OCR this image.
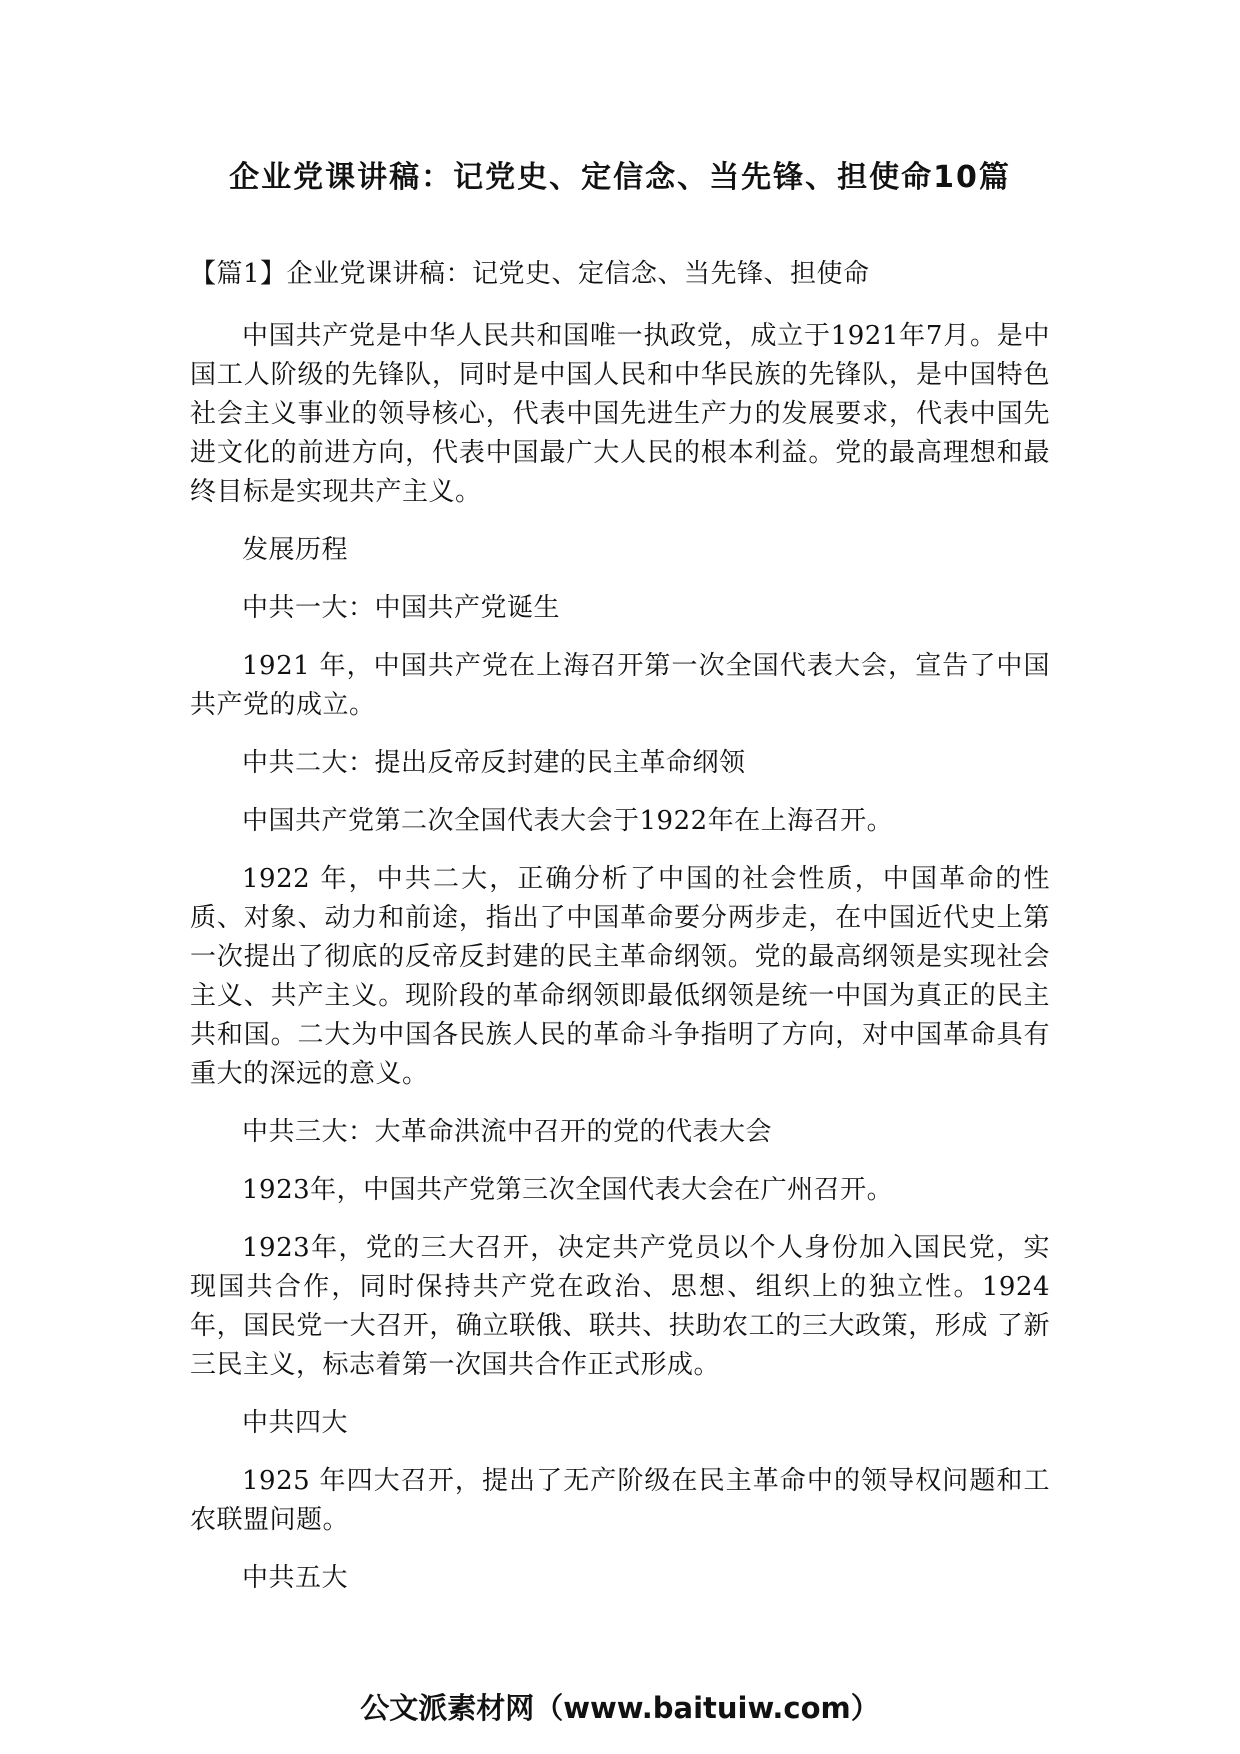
企业党课讲稿：记党史、定信念、当先锋、担使命10篇

【篇1】企业党课讲稿：记党史、定信念、当先锋、担使命

中国共产党是中华人民共和国唯一执政党，成立于1921年7月。是中国工人阶级的先锋队，同时是中国人民和中华民族的先锋队，是中国特色社会主义事业的领导核心，代表中国先进生产力的发展要求，代表中国先进文化的前进方向，代表中国最广大人民的根本利益。党的最高理想和最终目标是实现共产主义。

发展历程

中共一大：中国共产党诞生

1921 年，中国共产党在上海召开第一次全国代表大会，宣告了中国共产党的成立。

中共二大：提出反帝反封建的民主革命纲领

中国共产党第二次全国代表大会于1922年在上海召开。

1922 年，中共二大，正确分析了中国的社会性质，中国革命的性质、对象、动力和前途，指出了中国革命要分两步走，在中国近代史上第一次提出了彻底的反帝反封建的民主革命纲领。党的最高纲领是实现社会主义、共产主义。现阶段的革命纲领即最低纲领是统一中国为真正的民主共和国。二大为中国各民族人民的革命斗争指明了方向，对中国革命具有重大的深远的意义。

中共三大：大革命洪流中召开的党的代表大会

1923年，中国共产党第三次全国代表大会在广州召开。

1923年，党的三大召开，决定共产党员以个人身份加入国民党，实现国共合作，同时保持共产党在政治、思想、组织上的独立性。1924 年，国民党一大召开，确立联俄、联共、扶助农工的三大政策，形成 了新三民主义，标志着第一次国共合作正式形成。

中共四大

1925 年四大召开，提出了无产阶级在民主革命中的领导权问题和工农联盟问题。

中共五大

公文派素材网（www.baituiw.com）
